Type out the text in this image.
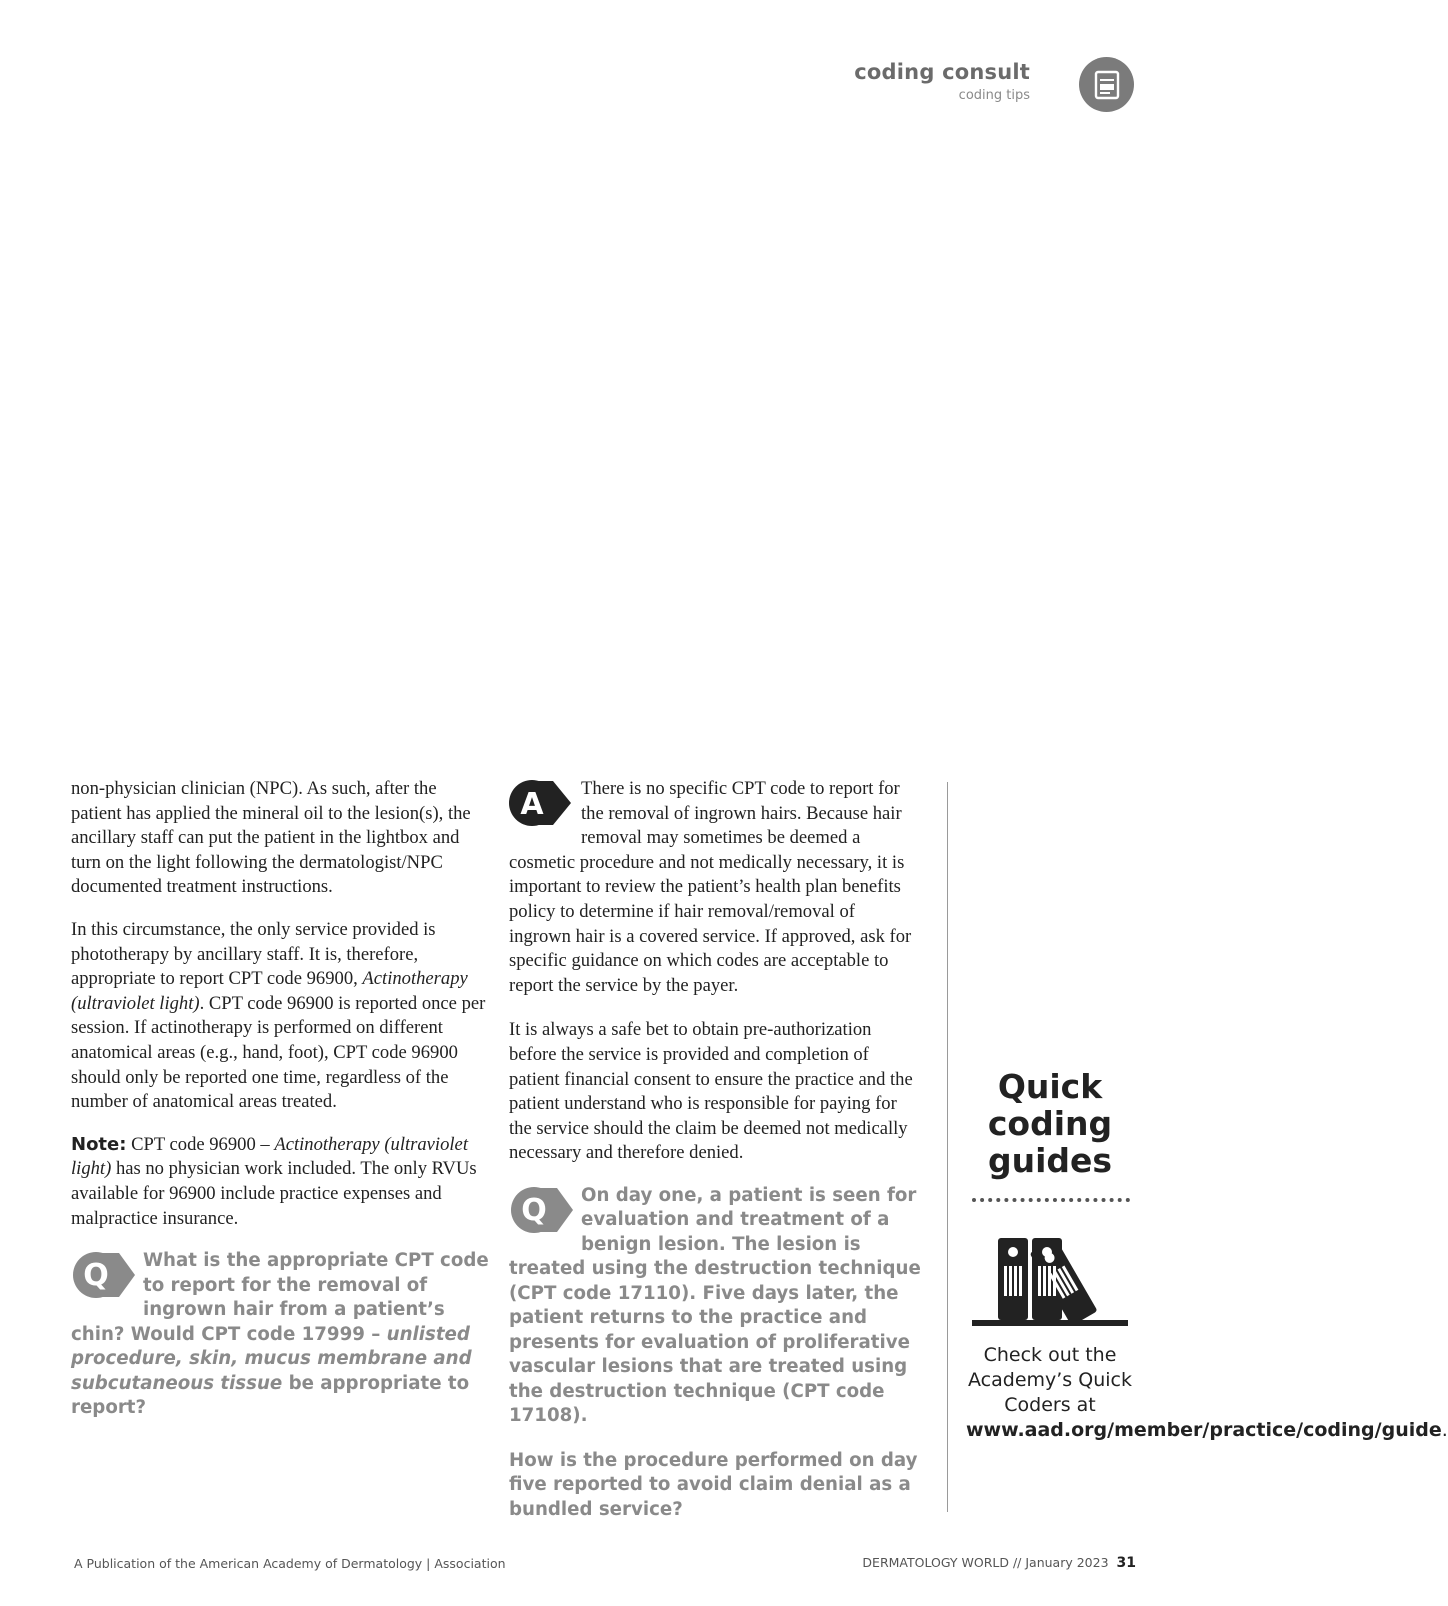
coding consult
coding tips

non-physician clinician (NPC). As such, after the patient has applied the mineral oil to the lesion(s), the ancillary staff can put the patient in the lightbox and turn on the light following the dermatologist/NPC documented treatment instructions.

In this circumstance, the only service provided is phototherapy by ancillary staff. It is, therefore, appropriate to report CPT code 96900, Actinotherapy (ultraviolet light). CPT code 96900 is reported once per session. If actinotherapy is performed on different anatomical areas (e.g., hand, foot), CPT code 96900 should only be reported one time, regardless of the number of anatomical areas treated.

Note: CPT code 96900 – Actinotherapy (ultraviolet light) has no physician work included. The only RVUs available for 96900 include practice expenses and malpractice insurance.

Q	What is the appropriate CPT code to report for the removal of ingrown hair from a patient’s chin? Would CPT code 17999 – unlisted procedure, skin, mucus membrane and subcutaneous tissue be appropriate to report?
A	There is no specific CPT code to report for the removal of ingrown hairs. Because hair removal may sometimes be deemed a cosmetic procedure and not medically necessary, it is important to review the patient’s health plan benefits policy to determine if hair removal/removal of ingrown hair is a covered service. If approved, ask for specific guidance on which codes are acceptable to report the service by the payer.

It is always a safe bet to obtain pre-authorization before the service is provided and completion of patient financial consent to ensure the practice and the patient understand who is responsible for paying for the service should the claim be deemed not medically necessary and therefore denied.

Q	On day one, a patient is seen for evaluation and treatment of a benign lesion. The lesion is treated using the destruction technique (CPT code 17110). Five days later, the patient returns to the practice and presents for evaluation of proliferative vascular lesions that are treated using the destruction technique (CPT code 17108).
How is the procedure performed on day five reported to avoid claim denial as a bundled service?
Quick coding guides
Check out the Academy’s Quick Coders at www.aad.org/member/practice/coding/guide.
A Publication of the American Academy of Dermatology | Association	DERMATOLOGY WORLD // January 2023 31
